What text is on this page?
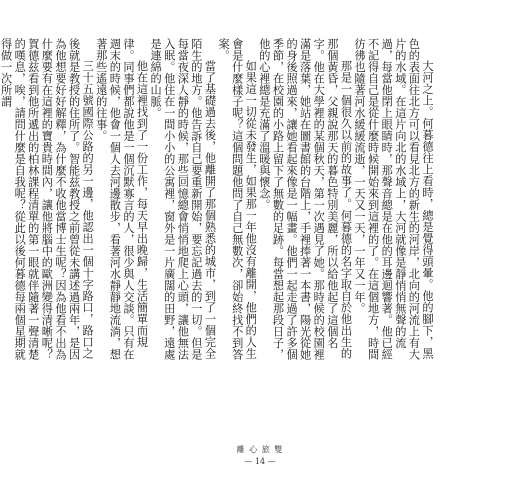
大河之上。何暮德往上看時，總是覺得頭暈。他的腳下，黑色的表面往北方可以看見北方的新生的河岸，北向的河流上有大片的水域。在這片向北的水域上，大河就像是靜悄悄無聲的流過，每當他閉上眼睛時，那聲音總是在他的耳邊迴響著。他已經不記得自己是從什麼時候開始來到這裡的了。在這個地方，時間彷彿也隨著河水緩緩流逝，一天又一天，一年又一年。

那是一個很久以前的故事了。何暮德的名字取自於他出生的那個黃昏，父親說那天的暮色特別美麗，所以給他起了這個名字。他在大學裡的某個秋天，第一次遇見了她。那時候的校園裡滿是落葉，她站在圖書館的台階上，手裡捧著一本書，陽光從她的身後照過來，讓她看起來像是一幅畫。他們一起走過了許多個季節，在校園的小路上留下了無數的足跡。每當想起那段日子，他的心裡總是充滿了溫暖與懷念。

如果這一切從未發生，如果那一年他沒有離開，他們的人生會是什麼樣子呢？這個問題他問了自己無數次，卻始終找不到答案。

當了基礎過去後，他離開了那個熟悉的城市，到了一個完全陌生的地方。他告訴自己要重新開始，要忘記過去的一切。但是每當夜深人靜的時候，那些回憶總會悄悄地爬上心頭，讓他無法入眠。他住在一間小小的公寓裡，窗外是一片廣闊的田野，遠處是連綿的山脈。

他在這裡找到了一份工作，每天早出晚歸，生活簡單而規律。同事們都說他是一個沉默寡言的人，很少與人交談。只有在週末的時候，他會一個人去河邊散步，看著河水靜靜地流淌，想著那些遙遠的往事。

三十五號國際公路的另一邊，他認出一個十字路口，路口之後就是教授的住所了。智能兹教授之前曾從未講述過兩年，是因為他想要好好解釋，為什麼不收他當博士生呢？因為他看不出為什麼要有在這裡的寶貴時間內，讓他將腦中的歐洲變得清晰呢？賀德兹看到他所遞出的柏林課程清單的第一眼就伴隨著一聲清楚的嘆息，唉，請問什麼是自我呢？從此以後何暮德每兩個星期就得做一次所謂

離 心 旅 雙
— 14 —
